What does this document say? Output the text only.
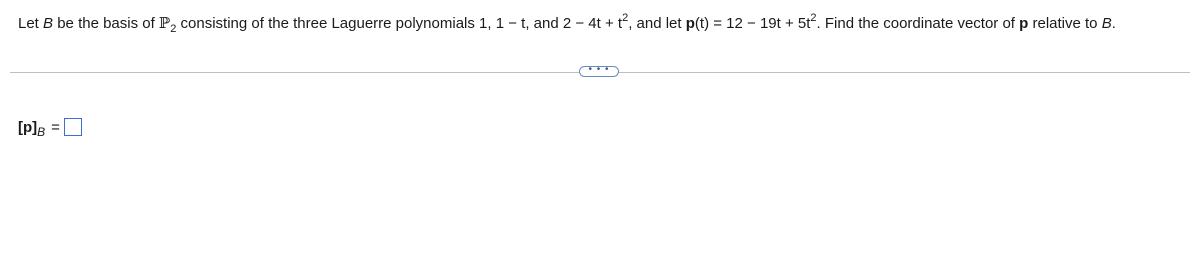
Let B be the basis of ℙ$_2$ consisting of the three Laguerre polynomials 1, 1 − t, and $2 - 4t + t^2$, and let $p(t) = 12 - 19t + 5t^2$. Find the coordinate vector of p relative to B.
• • •
$[p]_B$ =
